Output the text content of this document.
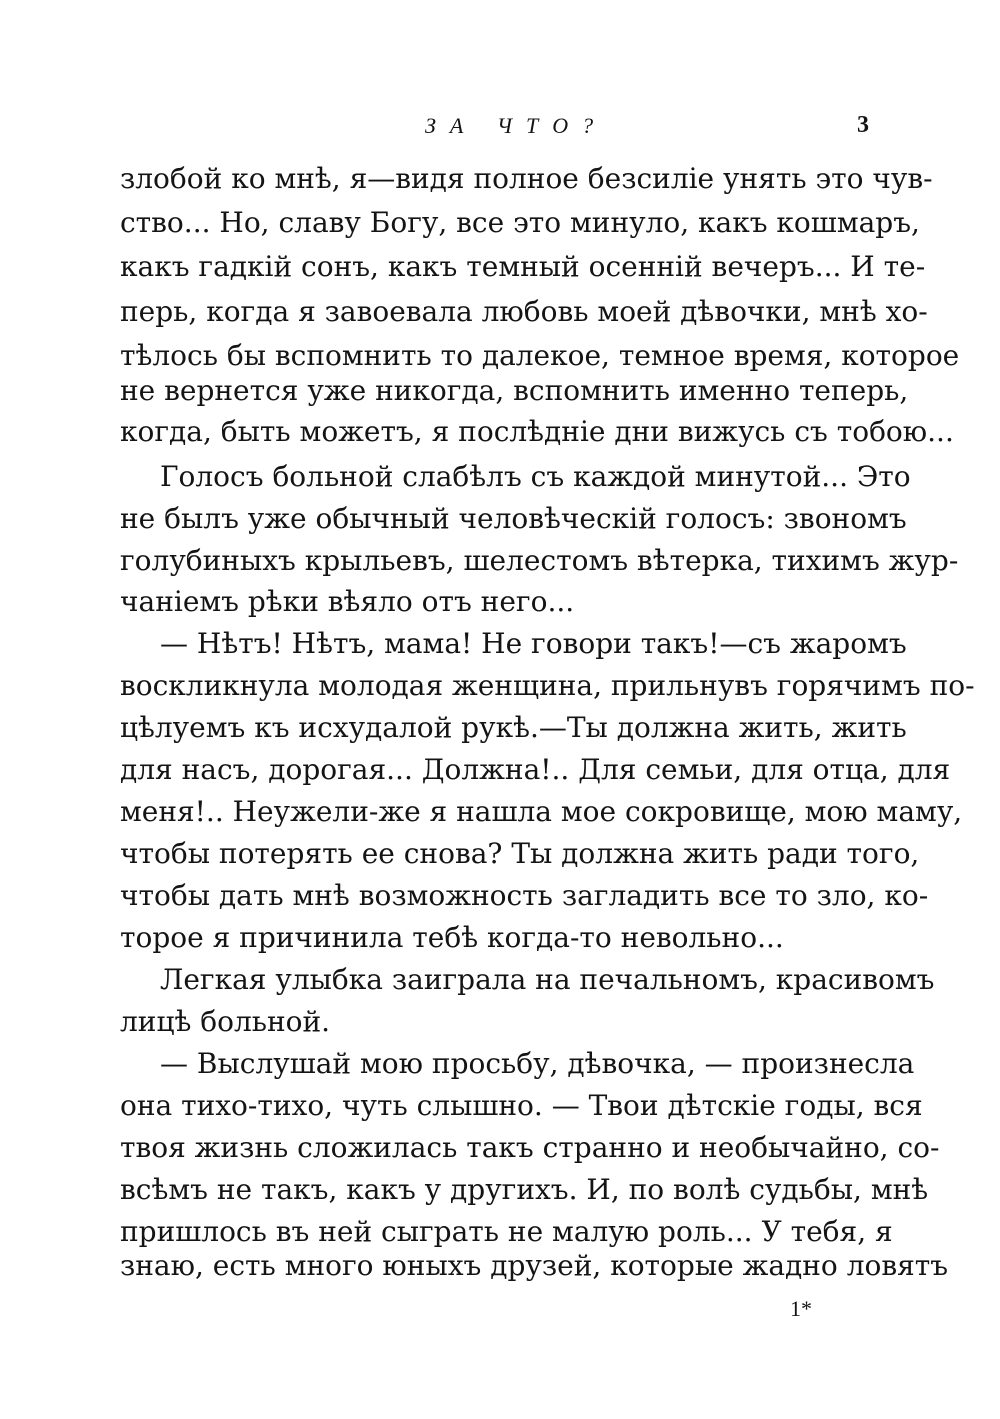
ЗА ЧТО?	3
злобой ко мнѣ, я—видя полное безсиліе унять это чув-
ство... Но, славу Богу, все это минуло, какъ кошмаръ,
какъ гадкій сонъ, какъ темный осенній вечеръ... И те-
перь, когда я завоевала любовь моей дѣвочки, мнѣ хо-
тѣлось бы вспомнить то далекое, темное время, которое
не вернется уже никогда, вспомнить именно теперь,
когда, быть можетъ, я послѣдніе дни вижусь съ тобою...
Голосъ больной слабѣлъ съ каждой минутой... Это
не былъ уже обычный человѣческій голосъ: звономъ
голубиныхъ крыльевъ, шелестомъ вѣтерка, тихимъ жур-
чаніемъ рѣки вѣяло отъ него...
— Нѣтъ! Нѣтъ, мама! Не говори такъ!—съ жаромъ
воскликнула молодая женщина, прильнувъ горячимъ по-
цѣлуемъ къ исхудалой рукѣ.—Ты должна жить, жить
для насъ, дорогая... Должна!.. Для семьи, для отца, для
меня!.. Неужели-же я нашла мое сокровище, мою маму,
чтобы потерять ее снова? Ты должна жить ради того,
чтобы дать мнѣ возможность загладить все то зло, ко-
торое я причинила тебѣ когда-то невольно...
Легкая улыбка заиграла на печальномъ, красивомъ
лицѣ больной.
— Выслушай мою просьбу, дѣвочка, — произнесла
она тихо-тихо, чуть слышно. — Твои дѣтскіе годы, вся
твоя жизнь сложилась такъ странно и необычайно, со-
всѣмъ не такъ, какъ у другихъ. И, по волѣ судьбы, мнѣ
пришлось въ ней сыграть не малую роль... У тебя, я
знаю, есть много юныхъ друзей, которые жадно ловятъ
1*
